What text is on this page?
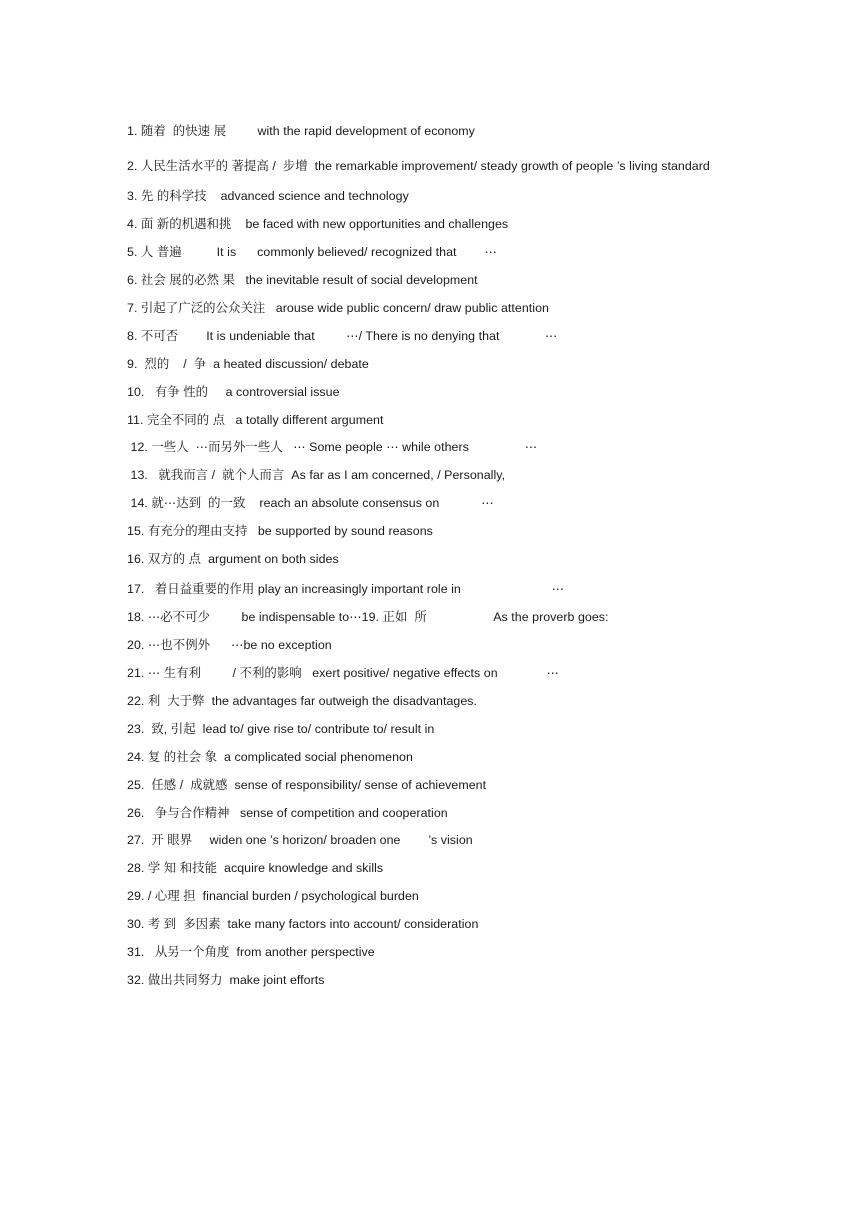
1. 随着  的快速 展         with the rapid development of economy

2. 人民生活水平的 著提高 /  步增  the remarkable improvement/ steady growth of people ’s living standard

3. 先 的科学技    advanced science and technology

4. 面 新的机遇和挑    be faced with new opportunities and challenges

5. 人 普遍          It is      commonly believed/ recognized that        ⋯

6. 社会 展的必然 果   the inevitable result of social development

7. 引起了广泛的公众关注   arouse wide public concern/ draw public attention

8. 不可否        It is undeniable that         ⋯/ There is no denying that             ⋯

9.  烈的    /  争  a heated discussion/ debate

10.   有争 性的     a controversial issue

11. 完全不同的 点   a totally different argument

12. 一些人  ⋯而另外一些人   ⋯ Some people ⋯ while others                ⋯

13.   就我而言 /  就个人而言  As far as I am concerned, / Personally,

14. 就⋯达到  的一致    reach an absolute consensus on            ⋯

15. 有充分的理由支持   be supported by sound reasons

16. 双方的 点  argument on both sides

17.   着日益重要的作用 play an increasingly important role in                          ⋯

18. ⋯必不可少         be indispensable to⋯19. 正如  所                   As the proverb goes:

20. ⋯也不例外      ⋯be no exception

21. ⋯ 生有利         / 不利的影响   exert positive/ negative effects on              ⋯

22. 利  大于弊  the advantages far outweigh the disadvantages.

23.  致, 引起  lead to/ give rise to/ contribute to/ result in

24. 复 的社会 象  a complicated social phenomenon

25.  任感 /  成就感  sense of responsibility/ sense of achievement

26.   争与合作精神   sense of competition and cooperation

27.  开 眼界     widen one ’s horizon/ broaden one        ’s vision

28. 学 知 和技能  acquire knowledge and skills

29. / 心理 担  financial burden / psychological burden

30. 考 到  多因素  take many factors into account/ consideration

31.   从另一个角度  from another perspective

32. 做出共同努力  make joint efforts
